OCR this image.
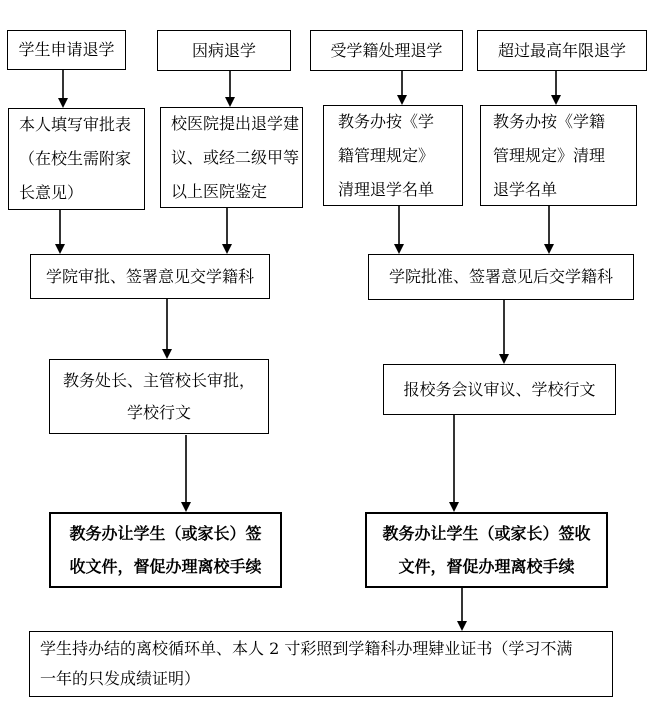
学生申请退学	因病退学	受学籍处理退学	超过最高年限退学
本人填写审批表
（在校生需附家
长意见）
校医院提出退学建
议、或经二级甲等
以上医院鉴定
教务办按《学
籍管理规定》
清理退学名单
教务办按《学籍
管理规定》清理
退学名单
学院审批、签署意见交学籍科	学院批准、签署意见后交学籍科
教务处长、主管校长审批，
学校行文
报校务会议审议、学校行文
教务办让学生（或家长）签
收文件，督促办理离校手续
教务办让学生（或家长）签收
文件，督促办理离校手续
学生持办结的离校循环单、本人 2 寸彩照到学籍科办理肄业证书（学习不满
一年的只发成绩证明）
